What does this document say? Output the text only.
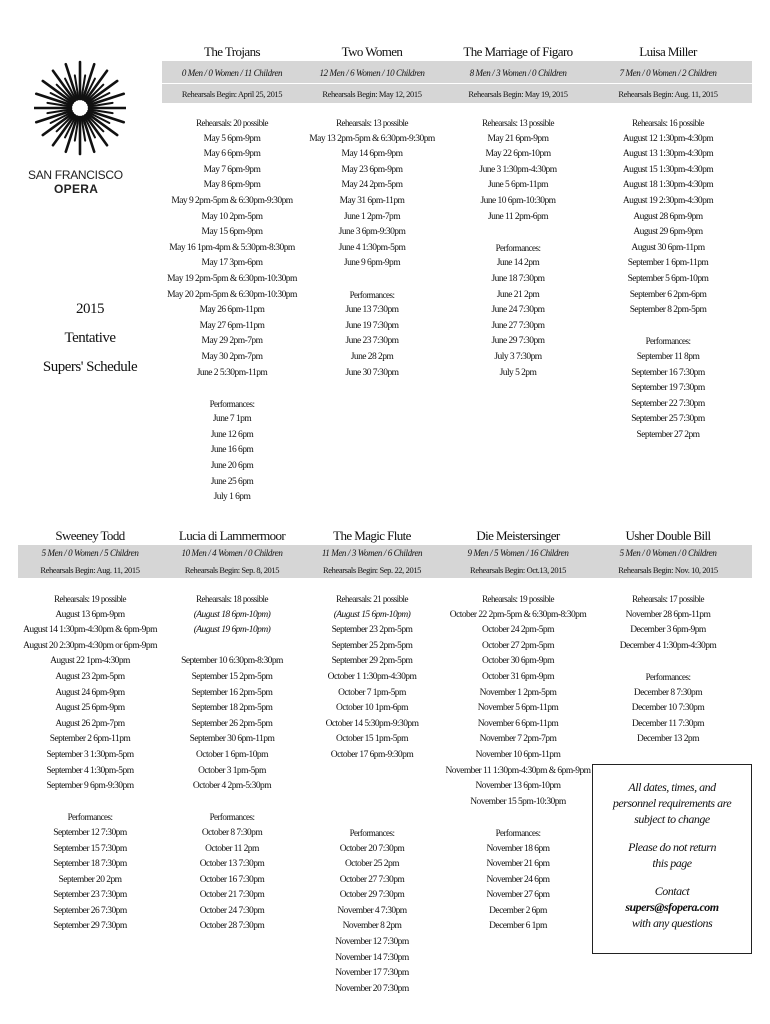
SAN FRANCISCO
OPERA
2015
Tentative
Supers' Schedule
The Trojans
0 Men / 0 Women / 11 Children
Rehearsals Begin: April 25, 2015
Rehearsals: 20 possible
May 5 6pm-9pm
May 6 6pm-9pm
May 7 6pm-9pm
May 8 6pm-9pm
May 9 2pm-5pm & 6:30pm-9:30pm
May 10 2pm-5pm
May 15 6pm-9pm
May 16 1pm-4pm & 5:30pm-8:30pm
May 17 3pm-6pm
May 19 2pm-5pm & 6:30pm-10:30pm
May 20 2pm-5pm & 6:30pm-10:30pm
May 26 6pm-11pm
May 27 6pm-11pm
May 29 2pm-7pm
May 30 2pm-7pm
June 2 5:30pm-11pm
Performances:
June 7 1pm
June 12 6pm
June 16 6pm
June 20 6pm
June 25 6pm
July 1 6pm
Two Women
12 Men / 6 Women / 10 Children
Rehearsals Begin: May 12, 2015
Rehearsals: 13 possible
May 13 2pm-5pm & 6:30pm-9:30pm
May 14 6pm-9pm
May 23 6pm-9pm
May 24 2pm-5pm
May 31 6pm-11pm
June 1 2pm-7pm
June 3 6pm-9:30pm
June 4 1:30pm-5pm
June 9 6pm-9pm
Performances:
June 13 7:30pm
June 19 7:30pm
June 23 7:30pm
June 28 2pm
June 30 7:30pm
The Marriage of Figaro
8 Men / 3 Women / 0 Children
Rehearsals Begin: May 19, 2015
Rehearsals: 13 possible
May 21 6pm-9pm
May 22 6pm-10pm
June 3 1:30pm-4:30pm
June 5 6pm-11pm
June 10 6pm-10:30pm
June 11 2pm-6pm
Performances:
June 14 2pm
June 18 7:30pm
June 21 2pm
June 24 7:30pm
June 27 7:30pm
June 29 7:30pm
July 3 7:30pm
July 5 2pm
Luisa Miller
7 Men / 0 Women / 2 Children
Rehearsals Begin: Aug. 11, 2015
Rehearsals: 16 possible
August 12 1:30pm-4:30pm
August 13 1:30pm-4:30pm
August 15 1:30pm-4:30pm
August 18 1:30pm-4:30pm
August 19 2:30pm-4:30pm
August 28 6pm-9pm
August 29 6pm-9pm
August 30 6pm-11pm
September 1 6pm-11pm
September 5 6pm-10pm
September 6 2pm-6pm
September 8 2pm-5pm
Performances:
September 11 8pm
September 16 7:30pm
September 19 7:30pm
September 22 7:30pm
September 25 7:30pm
September 27 2pm
Sweeney Todd
5 Men / 0 Women / 5 Children
Rehearsals Begin: Aug. 11, 2015
Rehearsals: 19 possible
August 13 6pm-9pm
August 14 1:30pm-4:30pm & 6pm-9pm
August 20 2:30pm-4:30pm or 6pm-9pm
August 22 1pm-4:30pm
August 23 2pm-5pm
August 24 6pm-9pm
August 25 6pm-9pm
August 26 2pm-7pm
September 2 6pm-11pm
September 3 1:30pm-5pm
September 4 1:30pm-5pm
September 9 6pm-9:30pm
Performances:
September 12 7:30pm
September 15 7:30pm
September 18 7:30pm
September 20 2pm
September 23 7:30pm
September 26 7:30pm
September 29 7:30pm
Lucia di Lammermoor
10 Men / 4 Women / 0 Children
Rehearsals Begin: Sep. 8, 2015
Rehearsals: 18 possible
(August 18 6pm-10pm)
(August 19 6pm-10pm)
September 10 6:30pm-8:30pm
September 15 2pm-5pm
September 16 2pm-5pm
September 18 2pm-5pm
September 26 2pm-5pm
September 30 6pm-11pm
October 1 6pm-10pm
October 3 1pm-5pm
October 4 2pm-5:30pm
Performances:
October 8 7:30pm
October 11 2pm
October 13 7:30pm
October 16 7:30pm
October 21 7:30pm
October 24 7:30pm
October 28 7:30pm
The Magic Flute
11 Men / 3 Women / 6 Children
Rehearsals Begin: Sep. 22, 2015
Rehearsals: 21 possible
(August 15 6pm-10pm)
September 23 2pm-5pm
September 25 2pm-5pm
September 29 2pm-5pm
October 1 1:30pm-4:30pm
October 7 1pm-5pm
October 10 1pm-6pm
October 14 5:30pm-9:30pm
October 15 1pm-5pm
October 17 6pm-9:30pm
Performances:
October 20 7:30pm
October 25 2pm
October 27 7:30pm
October 29 7:30pm
November 4 7:30pm
November 8 2pm
November 12 7:30pm
November 14 7:30pm
November 17 7:30pm
November 20 7:30pm
Die Meistersinger
9 Men / 5 Women / 16 Children
Rehearsals Begin: Oct.13, 2015
Rehearsals: 19 possible
October 22 2pm-5pm & 6:30pm-8:30pm
October 24 2pm-5pm
October 27 2pm-5pm
October 30 6pm-9pm
October 31 6pm-9pm
November 1 2pm-5pm
November 5 6pm-11pm
November 6 6pm-11pm
November 7 2pm-7pm
November 10 6pm-11pm
November 11 1:30pm-4:30pm & 6pm-9pm
November 13 6pm-10pm
November 15 5pm-10:30pm
Performances:
November 18 6pm
November 21 6pm
November 24 6pm
November 27 6pm
December 2 6pm
December 6 1pm
Usher Double Bill
5 Men / 0 Women / 0 Children
Rehearsals Begin: Nov. 10, 2015
Rehearsals: 17 possible
November 28 6pm-11pm
December 3 6pm-9pm
December 4 1:30pm-4:30pm
Performances:
December 8 7:30pm
December 10 7:30pm
December 11 7:30pm
December 13 2pm
All dates, times, and
personnel requirements are
subject to change
Please do not return
this page
Contact
supers@sfopera.com
with any questions
